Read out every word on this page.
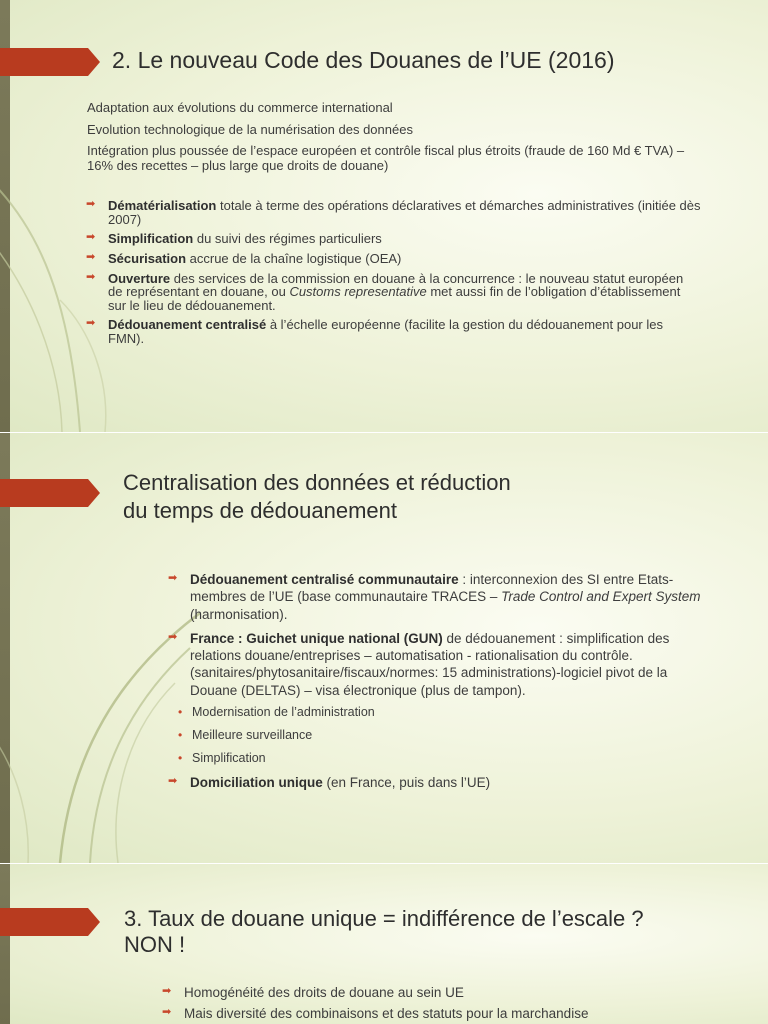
2. Le nouveau Code des Douanes de l’UE (2016)

Adaptation aux évolutions du commerce international

Evolution technologique de la numérisation des données

Intégration plus poussée de l’espace européen et contrôle fiscal plus étroits (fraude de 160 Md € TVA) – 16% des recettes – plus large que droits de douane)

➡ Dématérialisation totale à terme des opérations déclaratives et démarches administratives (initiée dès 2007)
➡ Simplification du suivi des régimes particuliers
➡ Sécurisation accrue de la chaîne logistique (OEA)
➡ Ouverture des services de la commission en douane à la concurrence : le nouveau statut européen de représentant en douane, ou Customs representative met aussi fin de l’obligation d’établissement sur le lieu de dédouanement.
➡ Dédouanement centralisé à l’échelle européenne (facilite la gestion du dédouanement pour les FMN).
Centralisation des données et réduction
du temps de dédouanement
➡ Dédouanement centralisé communautaire : interconnexion des SI entre Etats-membres de l’UE (base communautaire TRACES – Trade Control and Expert System (harmonisation).
➡ France : Guichet unique national (GUN) de dédouanement : simplification des relations douane/entreprises – automatisation - rationalisation du contrôle. (sanitaires/phytosanitaire/fiscaux/normes: 15 administrations)-logiciel pivot de la Douane (DELTAS) – visa électronique (plus de tampon).
• Modernisation de l’administration
• Meilleure surveillance
• Simplification
➡ Domiciliation unique (en France, puis dans l’UE)
3. Taux de douane unique = indifférence de l’escale ?
NON !
➡ Homogénéité des droits de douane au sein UE
➡ Mais diversité des combinaisons et des statuts pour la marchandise
